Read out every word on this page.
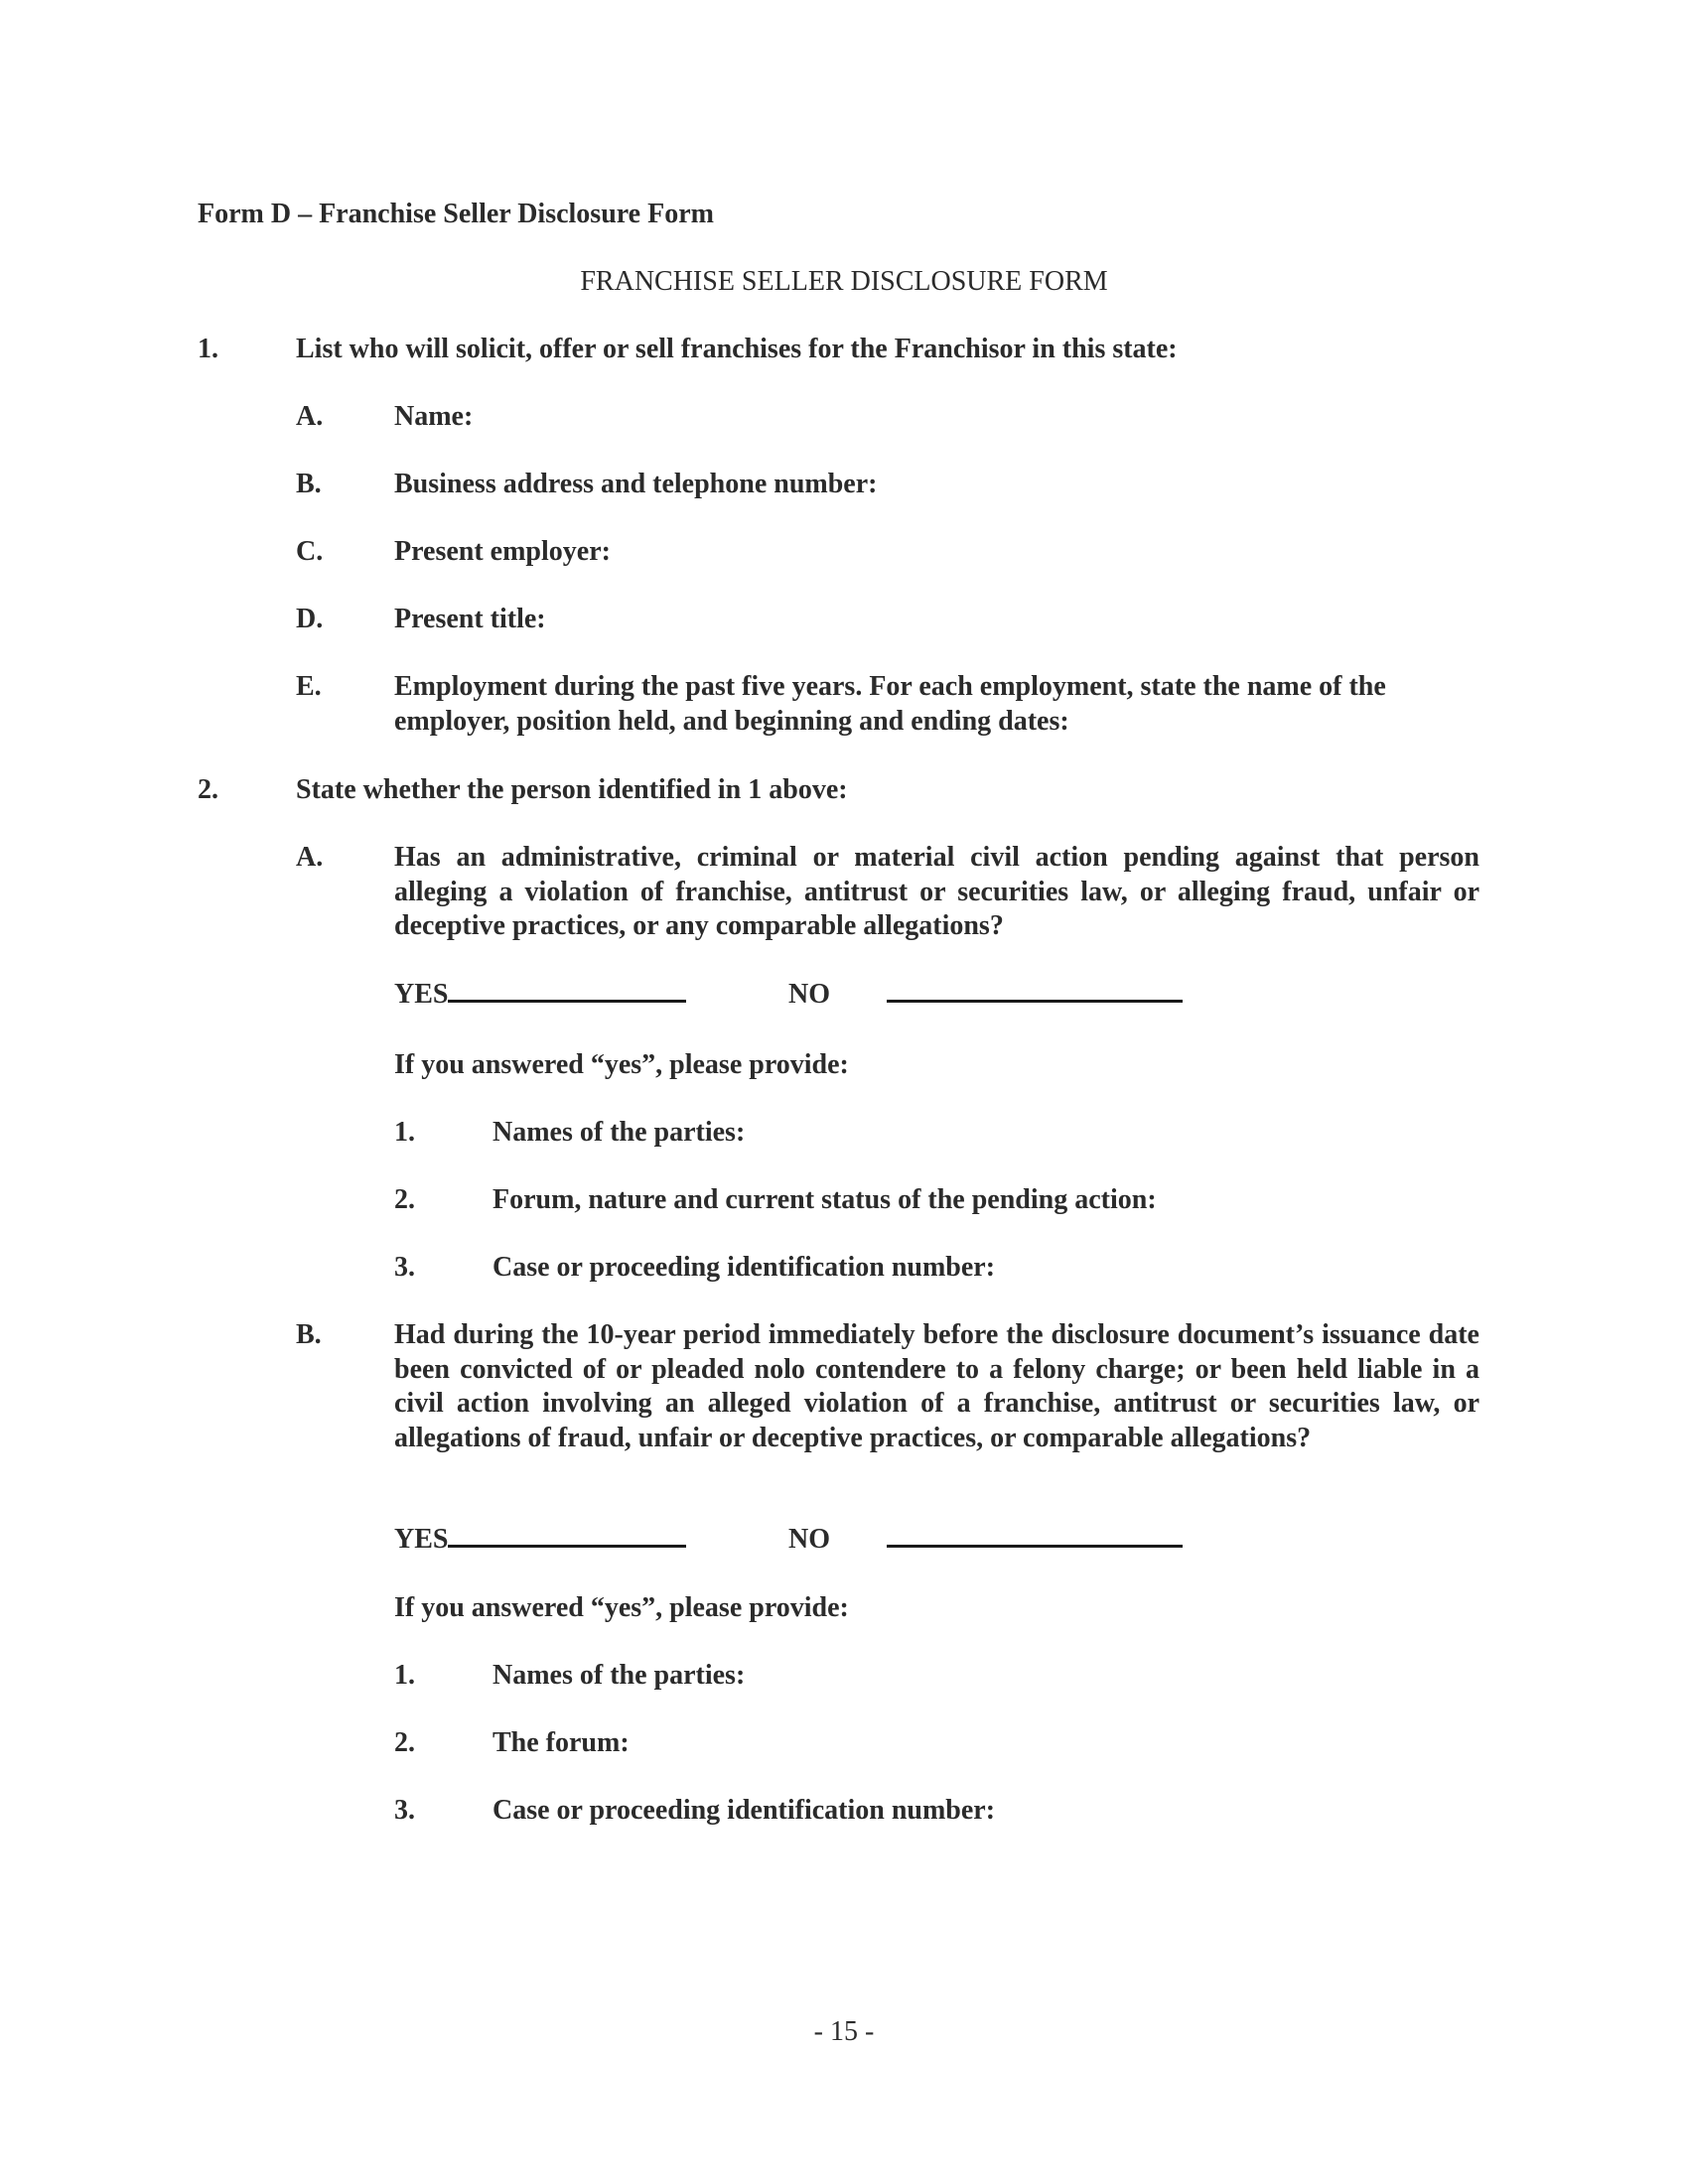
Form D – Franchise Seller Disclosure Form
FRANCHISE SELLER DISCLOSURE FORM
1.	List who will solicit, offer or sell franchises for the Franchisor in this state:
A.	Name:
B.	Business address and telephone number:
C.	Present employer:
D.	Present title:
E.	Employment during the past five years. For each employment, state the name of the employer, position held, and beginning and ending dates:
2.	State whether the person identified in 1 above:
A.	Has an administrative, criminal or material civil action pending against that person alleging a violation of franchise, antitrust or securities law, or alleging fraud, unfair or deceptive practices, or any comparable allegations?
YES	NO
If you answered “yes”, please provide:
1.	Names of the parties:
2.	Forum, nature and current status of the pending action:
3.	Case or proceeding identification number:
B.	Had during the 10-year period immediately before the disclosure document’s issuance date been convicted of or pleaded nolo contendere to a felony charge; or been held liable in a civil action involving an alleged violation of a franchise, antitrust or securities law, or allegations of fraud, unfair or deceptive practices, or comparable allegations?
YES	NO
If you answered “yes”, please provide:
1.	Names of the parties:
2.	The forum:
3.	Case or proceeding identification number:
- 15 -
